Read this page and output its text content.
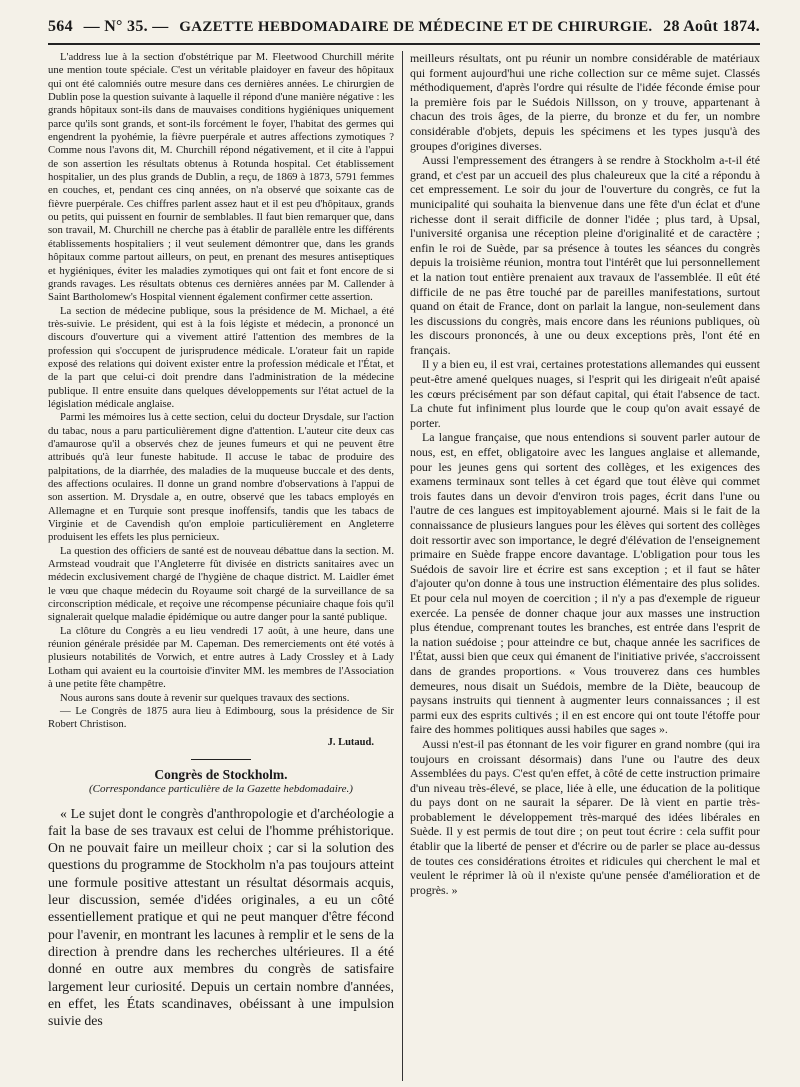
564 — N° 35. — GAZETTE HEBDOMADAIRE DE MÉDECINE ET DE CHIRURGIE. 28 Août 1874.

L'address lue à la section d'obstétrique par M. Fleetwood Churchill mérite une mention toute spéciale. C'est un véritable plaidoyer en faveur des hôpitaux qui ont été calomniés outre mesure dans ces dernières années. Le chirurgien de Dublin pose la question suivante à laquelle il répond d'une manière négative : les grands hôpitaux sont-ils dans de mauvaises conditions hygiéniques uniquement parce qu'ils sont grands, et sont-ils forcément le foyer, l'habitat des germes qui engendrent la pyohémie, la fièvre puerpérale et autres affections zymotiques ? Comme nous l'avons dit, M. Churchill répond négativement, et il cite à l'appui de son assertion les résultats obtenus à Rotunda hospital. Cet établissement hospitalier, un des plus grands de Dublin, a reçu, de 1869 à 1873, 5791 femmes en couches, et, pendant ces cinq années, on n'a observé que soixante cas de fièvre puerpérale. Ces chiffres parlent assez haut et il est peu d'hôpitaux, grands ou petits, qui puissent en fournir de semblables. Il faut bien remarquer que, dans son travail, M. Churchill ne cherche pas à établir de parallèle entre les différents établissements hospitaliers ; il veut seulement démontrer que, dans les grands hôpitaux comme partout ailleurs, on peut, en prenant des mesures antiseptiques et hygiéniques, éviter les maladies zymotiques qui ont fait et font encore de si grands ravages. Les résultats obtenus ces dernières années par M. Callender à Saint Bartholomew's Hospital viennent également confirmer cette assertion.

La section de médecine publique, sous la présidence de M. Michael, a été très-suivie. Le président, qui est à la fois légiste et médecin, a prononcé un discours d'ouverture qui a vivement attiré l'attention des membres de la profession qui s'occupent de jurisprudence médicale. L'orateur fait un rapide exposé des relations qui doivent exister entre la profession médicale et l'État, et de la part que celui-ci doit prendre dans l'administration de la médecine publique. Il entre ensuite dans quelques développements sur l'état actuel de la législation médicale anglaise.

Parmi les mémoires lus à cette section, celui du docteur Drysdale, sur l'action du tabac, nous a paru particulièrement digne d'attention. L'auteur cite deux cas d'amaurose qu'il a observés chez de jeunes fumeurs et qui ne peuvent être attribués qu'à leur funeste habitude. Il accuse le tabac de produire des palpitations, de la diarrhée, des maladies de la muqueuse buccale et des dents, des affections oculaires. Il donne un grand nombre d'observations à l'appui de son assertion. M. Drysdale a, en outre, observé que les tabacs employés en Allemagne et en Turquie sont presque inoffensifs, tandis que les tabacs de Virginie et de Cavendish qu'on emploie particulièrement en Angleterre produisent les effets les plus pernicieux.

La question des officiers de santé est de nouveau débattue dans la section. M. Armstead voudrait que l'Angleterre fût divisée en districts sanitaires avec un médecin exclusivement chargé de l'hygiène de chaque district. M. Laidler émet le vœu que chaque médecin du Royaume soit chargé de la surveillance de sa circonscription médicale, et reçoive une récompense pécuniaire chaque fois qu'il signalerait quelque maladie épidémique ou autre danger pour la santé publique.

La clôture du Congrès a eu lieu vendredi 17 août, à une heure, dans une réunion générale présidée par M. Capeman. Des remerciements ont été votés à plusieurs notabilités de Vorwich, et entre autres à Lady Crossley et à Lady Lotham qui avaient eu la courtoisie d'inviter MM. les membres de l'Association à une petite fête champêtre.

Nous aurons sans doute à revenir sur quelques travaux des sections.

— Le Congrès de 1875 aura lieu à Edimbourg, sous la présidence de Sir Robert Christison.

J. Lutaud.
Congrès de Stockholm.
(Correspondance particulière de la Gazette hebdomadaire.)

« Le sujet dont le congrès d'anthropologie et d'archéologie a fait la base de ses travaux est celui de l'homme préhistorique. On ne pouvait faire un meilleur choix ; car si la solution des questions du programme de Stockholm n'a pas toujours atteint une formule positive attestant un résultat désormais acquis, leur discussion, semée d'idées originales, a eu un côté essentiellement pratique et qui ne peut manquer d'être fécond pour l'avenir, en montrant les lacunes à remplir et le sens de la direction à prendre dans les recherches ultérieures. Il a été donné en outre aux membres du congrès de satisfaire largement leur curiosité. Depuis un certain nombre d'années, en effet, les États scandinaves, obéissant à une impulsion suivie des

meilleurs résultats, ont pu réunir un nombre considérable de matériaux qui forment aujourd'hui une riche collection sur ce même sujet. Classés méthodiquement, d'après l'ordre qui résulte de l'idée féconde émise pour la première fois par le Suédois Nillsson, on y trouve, appartenant à chacun des trois âges, de la pierre, du bronze et du fer, un nombre considérable d'objets, depuis les spécimens et les types jusqu'à des groupes d'origines diverses.

Aussi l'empressement des étrangers à se rendre à Stockholm a-t-il été grand, et c'est par un accueil des plus chaleureux que la cité a répondu à cet empressement. Le soir du jour de l'ouverture du congrès, ce fut la municipalité qui souhaita la bienvenue dans une fête d'un éclat et d'une richesse dont il serait difficile de donner l'idée ; plus tard, à Upsal, l'université organisa une réception pleine d'originalité et de caractère ; enfin le roi de Suède, par sa présence à toutes les séances du congrès depuis la troisième réunion, montra tout l'intérêt que lui personnellement et la nation tout entière prenaient aux travaux de l'assemblée. Il eût été difficile de ne pas être touché par de pareilles manifestations, surtout quand on était de France, dont on parlait la langue, non-seulement dans les discussions du congrès, mais encore dans les réunions publiques, où les discours prononcés, à une ou deux exceptions près, l'ont été en français.

Il y a bien eu, il est vrai, certaines protestations allemandes qui eussent peut-être amené quelques nuages, si l'esprit qui les dirigeait n'eût apaisé les cœurs précisément par son défaut capital, qui était l'absence de tact. La chute fut infiniment plus lourde que le coup qu'on avait essayé de porter.

La langue française, que nous entendions si souvent parler autour de nous, est, en effet, obligatoire avec les langues anglaise et allemande, pour les jeunes gens qui sortent des collèges, et les exigences des examens terminaux sont telles à cet égard que tout élève qui commet trois fautes dans un devoir d'environ trois pages, écrit dans l'une ou l'autre de ces langues est impitoyablement ajourné. Mais si le fait de la connaissance de plusieurs langues pour les élèves qui sortent des collèges doit ressortir avec son importance, le degré d'élévation de l'enseignement primaire en Suède frappe encore davantage. L'obligation pour tous les Suédois de savoir lire et écrire est sans exception ; et il faut se hâter d'ajouter qu'on donne à tous une instruction élémentaire des plus solides. Et pour cela nul moyen de coercition ; il n'y a pas d'exemple de rigueur exercée. La pensée de donner chaque jour aux masses une instruction plus étendue, comprenant toutes les branches, est entrée dans l'esprit de la nation suédoise ; pour atteindre ce but, chaque année les sacrifices de l'État, aussi bien que ceux qui émanent de l'initiative privée, s'accroissent dans de grandes proportions. « Vous trouverez dans ces humbles demeures, nous disait un Suédois, membre de la Diète, beaucoup de paysans instruits qui tiennent à augmenter leurs connaissances ; il est parmi eux des esprits cultivés ; il en est encore qui ont toute l'étoffe pour faire des hommes politiques aussi habiles que sages ».

Aussi n'est-il pas étonnant de les voir figurer en grand nombre (qui ira toujours en croissant désormais) dans l'une ou l'autre des deux Assemblées du pays. C'est qu'en effet, à côté de cette instruction primaire d'un niveau très-élevé, se place, liée à elle, une éducation de la politique du pays dont on ne saurait la séparer. De là vient en partie très-probablement le développement très-marqué des idées libérales en Suède. Il y est permis de tout dire ; on peut tout écrire : cela suffit pour établir que la liberté de penser et d'écrire ou de parler se place au-dessus de toutes ces considérations étroites et ridicules qui cherchent le mal et veulent le réprimer là où il n'existe qu'une pensée d'amélioration et de progrès. »
